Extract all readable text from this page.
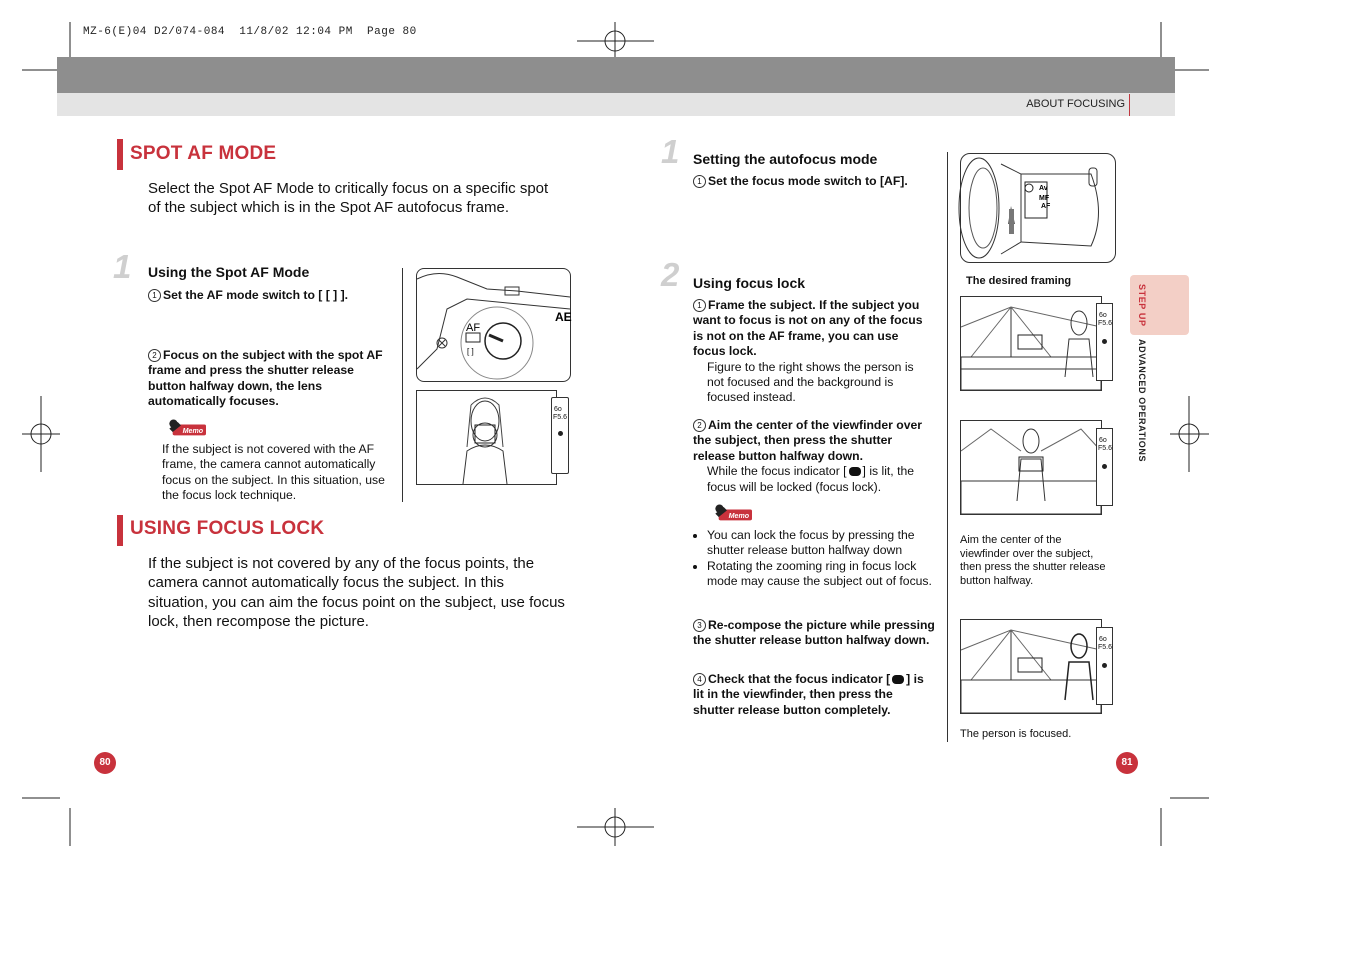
MZ-6(E)04 D2/074-084  11/8/02 12:04 PM  Page 80
ABOUT FOCUSING
SPOT AF MODE
Select the Spot AF Mode to critically focus on a specific spot of the subject which is in the Spot AF autofocus frame.
1 Using the Spot AF Mode
1 Set the AF mode switch to [ [ ] ].
2 Focus on the subject with the spot AF frame and press the shutter release button halfway down, the lens automatically focuses.
Memo
If the subject is not covered with the AF frame, the camera cannot automatically focus on the subject. In this situation, use the focus lock technique.
AF
[ ]
AE
6o
F5.6
USING FOCUS LOCK
If the subject is not covered by any of the focus points, the camera cannot automatically focus the subject. In this situation, you can aim the focus point on the subject, use focus lock, then recompose the picture.
80
1 Setting the autofocus mode
1 Set the focus mode switch to [AF].
2 Using focus lock
1 Frame the subject. If the subject you want to focus is not on any of the focus is not on the AF frame, you can use focus lock.
Figure to the right shows the person is not focused and the background is focused instead.
2 Aim the center of the viewfinder over the subject, then press the shutter release button halfway down.
While the focus indicator [ ] is lit, the focus will be locked (focus lock).
Memo
• You can lock the focus by pressing the shutter release button halfway down
• Rotating the zooming ring in focus lock mode may cause the subject out of focus.
3 Re-compose the picture while pressing the shutter release button halfway down.
4 Check that the focus indicator [ ] is lit in the viewfinder, then press the shutter release button completely.
Av
MF
AF
The desired framing
6o
F5.6
6o
F5.6
Aim the center of the viewfinder over the subject, then press the shutter release button halfway.
6o
F5.6
The person is focused.
STEP UP
ADVANCED OPERATIONS
81
